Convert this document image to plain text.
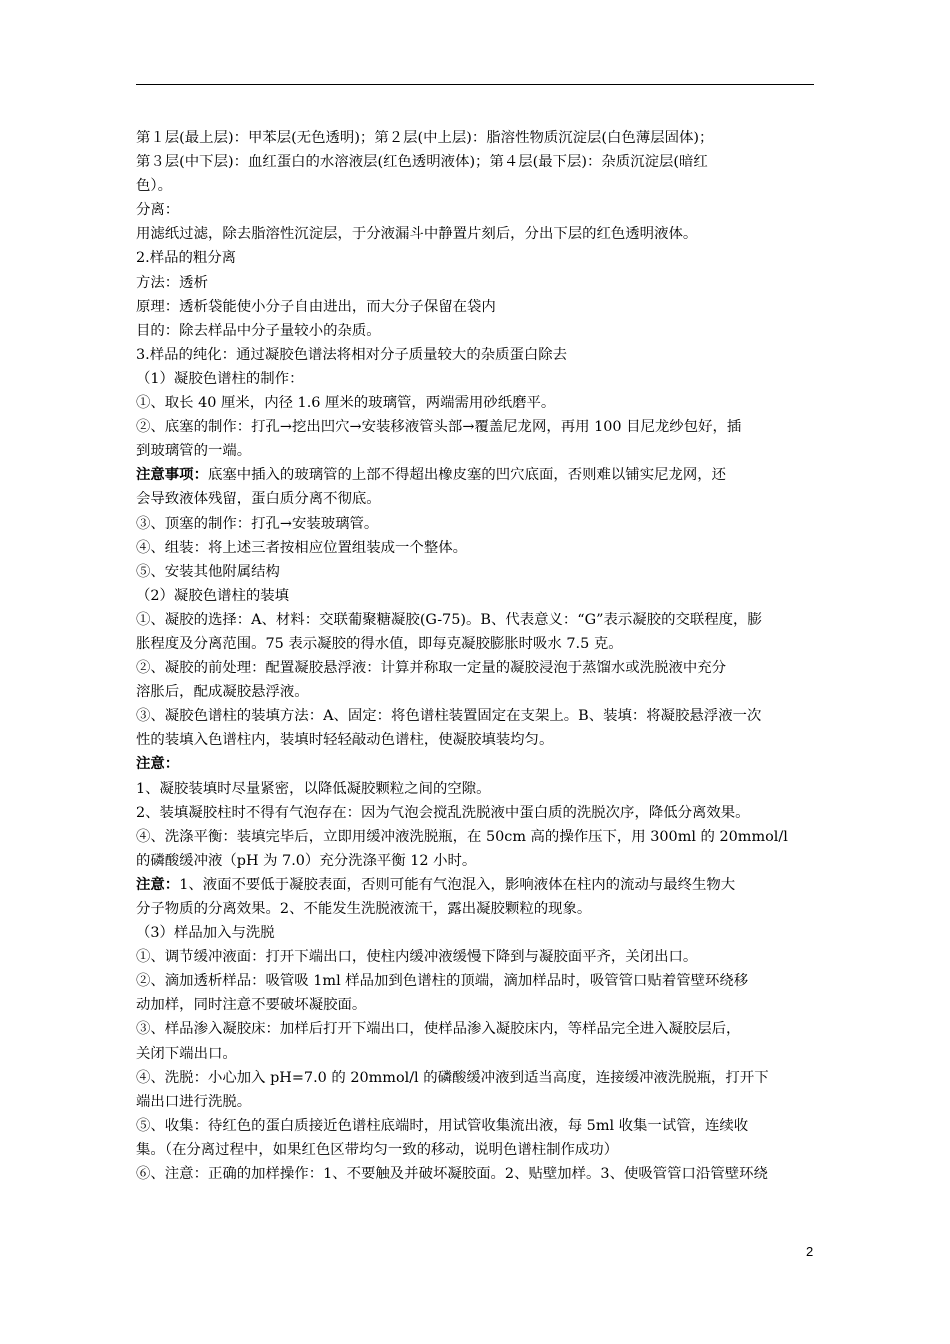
第１层(最上层)：甲苯层(无色透明)；第２层(中上层)：脂溶性物质沉淀层(白色薄层固体)；
第３层(中下层)：血红蛋白的水溶液层(红色透明液体)；第４层(最下层)：杂质沉淀层(暗红
色）。
分离：
用滤纸过滤，除去脂溶性沉淀层，于分液漏斗中静置片刻后，分出下层的红色透明液体。
2.样品的粗分离
方法：透析
原理：透析袋能使小分子自由进出，而大分子保留在袋内
目的：除去样品中分子量较小的杂质。
3.样品的纯化：通过凝胶色谱法将相对分子质量较大的杂质蛋白除去
（1）凝胶色谱柱的制作：
①、取长 40 厘米，内径 1.6 厘米的玻璃管，两端需用砂纸磨平。
②、底塞的制作：打孔→挖出凹穴→安装移液管头部→覆盖尼龙网，再用 100 目尼龙纱包好，插
到玻璃管的一端。
注意事项：底塞中插入的玻璃管的上部不得超出橡皮塞的凹穴底面，否则难以铺实尼龙网，还
会导致液体残留，蛋白质分离不彻底。
③、顶塞的制作：打孔→安装玻璃管。
④、组装：将上述三者按相应位置组装成一个整体。
⑤、安装其他附属结构
（2）凝胶色谱柱的装填
①、凝胶的选择：A、材料：交联葡聚糖凝胶(G-75)。B、代表意义：“G”表示凝胶的交联程度，膨
胀程度及分离范围。75 表示凝胶的得水值，即每克凝胶膨胀时吸水 7.5 克。
②、凝胶的前处理：配置凝胶悬浮液：计算并称取一定量的凝胶浸泡于蒸馏水或洗脱液中充分
溶胀后，配成凝胶悬浮液。
③、凝胶色谱柱的装填方法：A、固定：将色谱柱装置固定在支架上。B、装填：将凝胶悬浮液一次
性的装填入色谱柱内，装填时轻轻敲动色谱柱，使凝胶填装均匀。
注意：
1、凝胶装填时尽量紧密，以降低凝胶颗粒之间的空隙。
2、装填凝胶柱时不得有气泡存在：因为气泡会搅乱洗脱液中蛋白质的洗脱次序，降低分离效果。
④、洗涤平衡：装填完毕后，立即用缓冲液洗脱瓶，在 50cm 高的操作压下，用 300ml 的 20mmol/l
的磷酸缓冲液（pH 为 7.0）充分洗涤平衡 12 小时。
注意：1、液面不要低于凝胶表面，否则可能有气泡混入，影响液体在柱内的流动与最终生物大
分子物质的分离效果。2、不能发生洗脱液流干，露出凝胶颗粒的现象。
（3）样品加入与洗脱
①、调节缓冲液面：打开下端出口，使柱内缓冲液缓慢下降到与凝胶面平齐，关闭出口。
②、滴加透析样品：吸管吸 1ml 样品加到色谱柱的顶端，滴加样品时，吸管管口贴着管壁环绕移
动加样，同时注意不要破坏凝胶面。
③、样品渗入凝胶床：加样后打开下端出口，使样品渗入凝胶床内，等样品完全进入凝胶层后，
关闭下端出口。
④、洗脱：小心加入 pH=7.0 的 20mmol/l 的磷酸缓冲液到适当高度，连接缓冲液洗脱瓶，打开下
端出口进行洗脱。
⑤、收集：待红色的蛋白质接近色谱柱底端时，用试管收集流出液，每 5ml 收集一试管，连续收
集。（在分离过程中，如果红色区带均匀一致的移动，说明色谱柱制作成功）
⑥、注意：正确的加样操作：1、不要触及并破坏凝胶面。2、贴壁加样。3、使吸管管口沿管壁环绕
2
